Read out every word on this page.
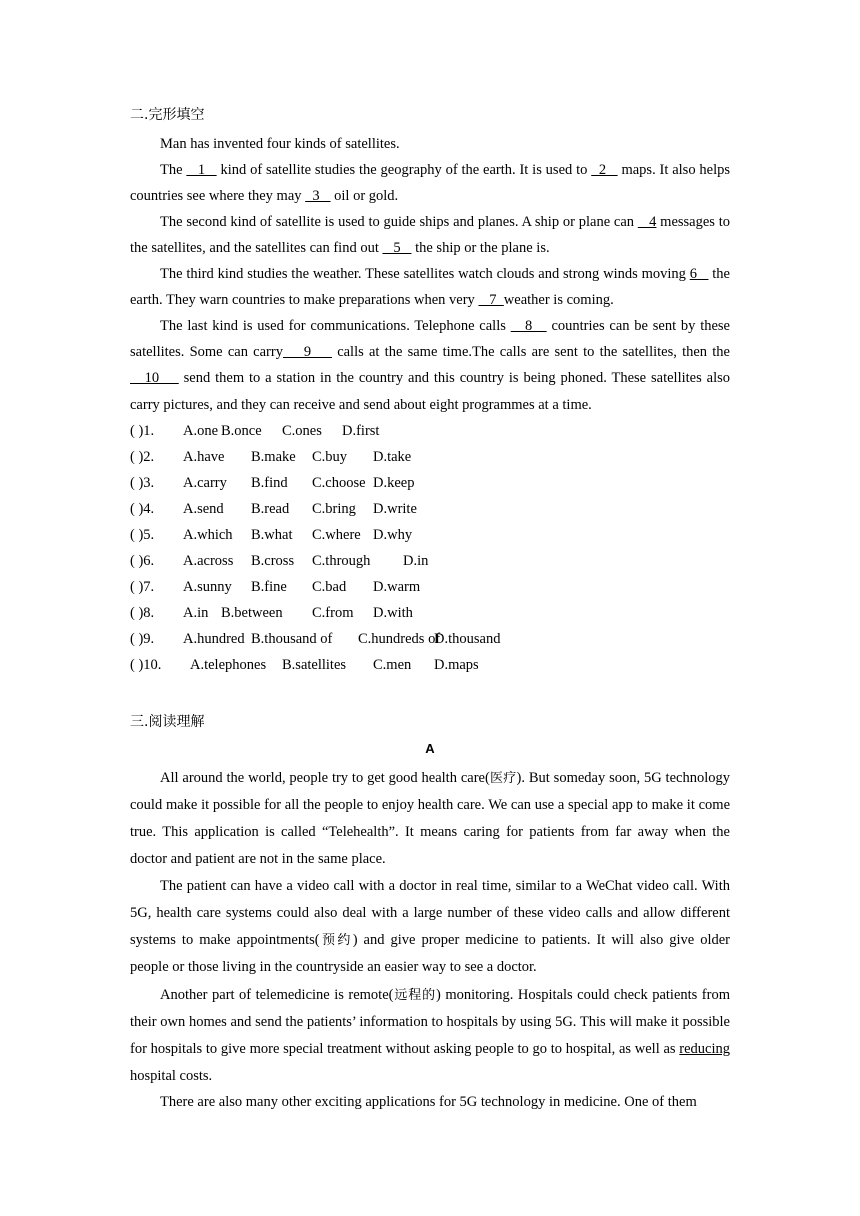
二.完形填空
Man has invented four kinds of satellites.
The    1    kind of satellite studies the geography of the earth. It is used to   2    maps. It also helps countries see where they may   3    oil or gold.
The second kind of satellite is used to guide ships and planes. A ship or plane can    4 messages to the satellites, and the satellites can find out    5    the ship or the plane is.
The third kind studies the weather. These satellites watch clouds and strong winds moving 6    the earth. They warn countries to make preparations when very    7  weather is coming.
The last kind is used for communications. Telephone calls    8    countries can be sent by these satellites. Some can carry    9     calls at the same time.The calls are sent to the satellites, then the    10     send them to a station in the country and this country is being phoned. These satellites also carry pictures, and they can receive and send about eight programmes at a time.
( )1. A.one B.once C.ones D.first
( )2. A.have B.make C.buy D.take
( )3. A.carry B.find C.choose D.keep
( )4. A.send B.read C.bring D.write
( )5. A.which B.what C.where D.why
( )6. A.across B.cross C.through D.in
( )7. A.sunny B.fine C.bad D.warm
( )8. A.in B.between C.from D.with
( )9. A.hundred B.thousand of C.hundreds of
D.thousand
( )10. A.telephones B.satellites C.men D.maps
三.阅读理解
A
All around the world, people try to get good health care(医疗). But someday soon, 5G technology could make it possible for all the people to enjoy health care. We can use a special app to make it come true. This application is called “Telehealth”. It means caring for patients from far away when the doctor and patient are not in the same place.
The patient can have a video call with a doctor in real time, similar to a WeChat video call. With 5G, health care systems could also deal with a large number of these video calls and allow different systems to make appointments(预约) and give proper medicine to patients. It will also give older people or those living in the countryside an easier way to see a doctor.
Another part of telemedicine is remote(远程的) monitoring. Hospitals could check patients from their own homes and send the patients’ information to hospitals by using 5G. This will make it possible for hospitals to give more special treatment without asking people to go to hospital, as well as reducing hospital costs.
There are also many other exciting applications for 5G technology in medicine. One of them
